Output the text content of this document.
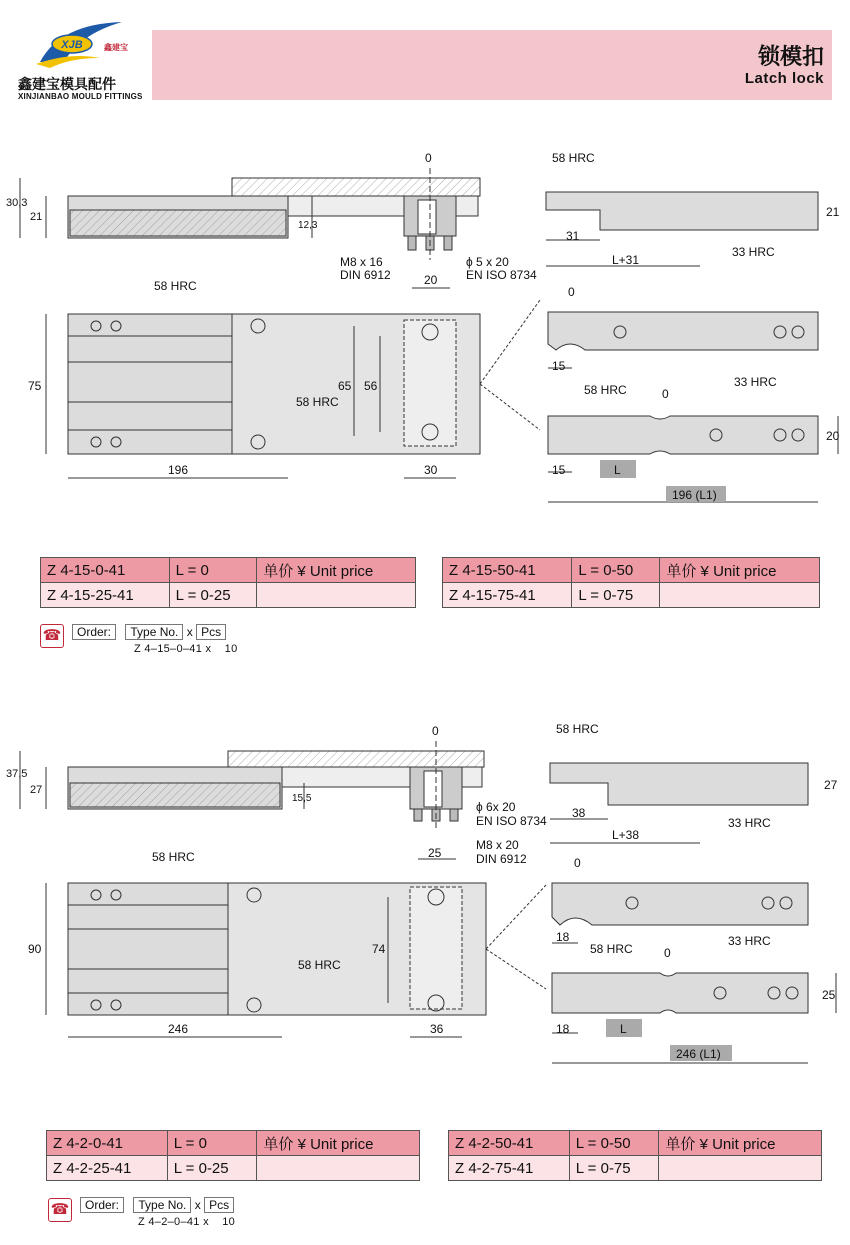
XJB	鑫建宝
鑫建宝模具配件
XINJIANBAO MOULD FITTINGS
锁模扣
Latch lock
0
30,3
21
12,3
M8 x 16
DIN 6912
ϕ 5 x 20
EN ISO 8734
58 HRC	20
75	65 56
58 HRC
196	30
58 HRC
21
31
L+31
33 HRC
0
15
58 HRC	0
33 HRC
20
15	L
196 (L1)
Z 4-15-0-41	L = 0	单价 ¥ Unit price
Z 4-15-25-41	L = 0-25	
Z 4-15-50-41	L = 0-50	单价 ¥ Unit price
Z 4-15-75-41	L = 0-75	
☎	Order: Type No. x Pcs
Z 4–15–0–41 x 10
0
37,5
27
15,5
ϕ 6x 20
EN ISO 8734
M8 x 20
DIN 6912
58 HRC	25
90	74
58 HRC
246	36
58 HRC
27
38
L+38
33 HRC
0
18
58 HRC	0
33 HRC
25
18	L
246 (L1)
Z 4-2-0-41	L = 0	单价 ¥ Unit price
Z 4-2-25-41	L = 0-25	
Z 4-2-50-41	L = 0-50	单价 ¥ Unit price
Z 4-2-75-41	L = 0-75	
☎	Order: Type No. x Pcs
Z 4–2–0–41 x 10
